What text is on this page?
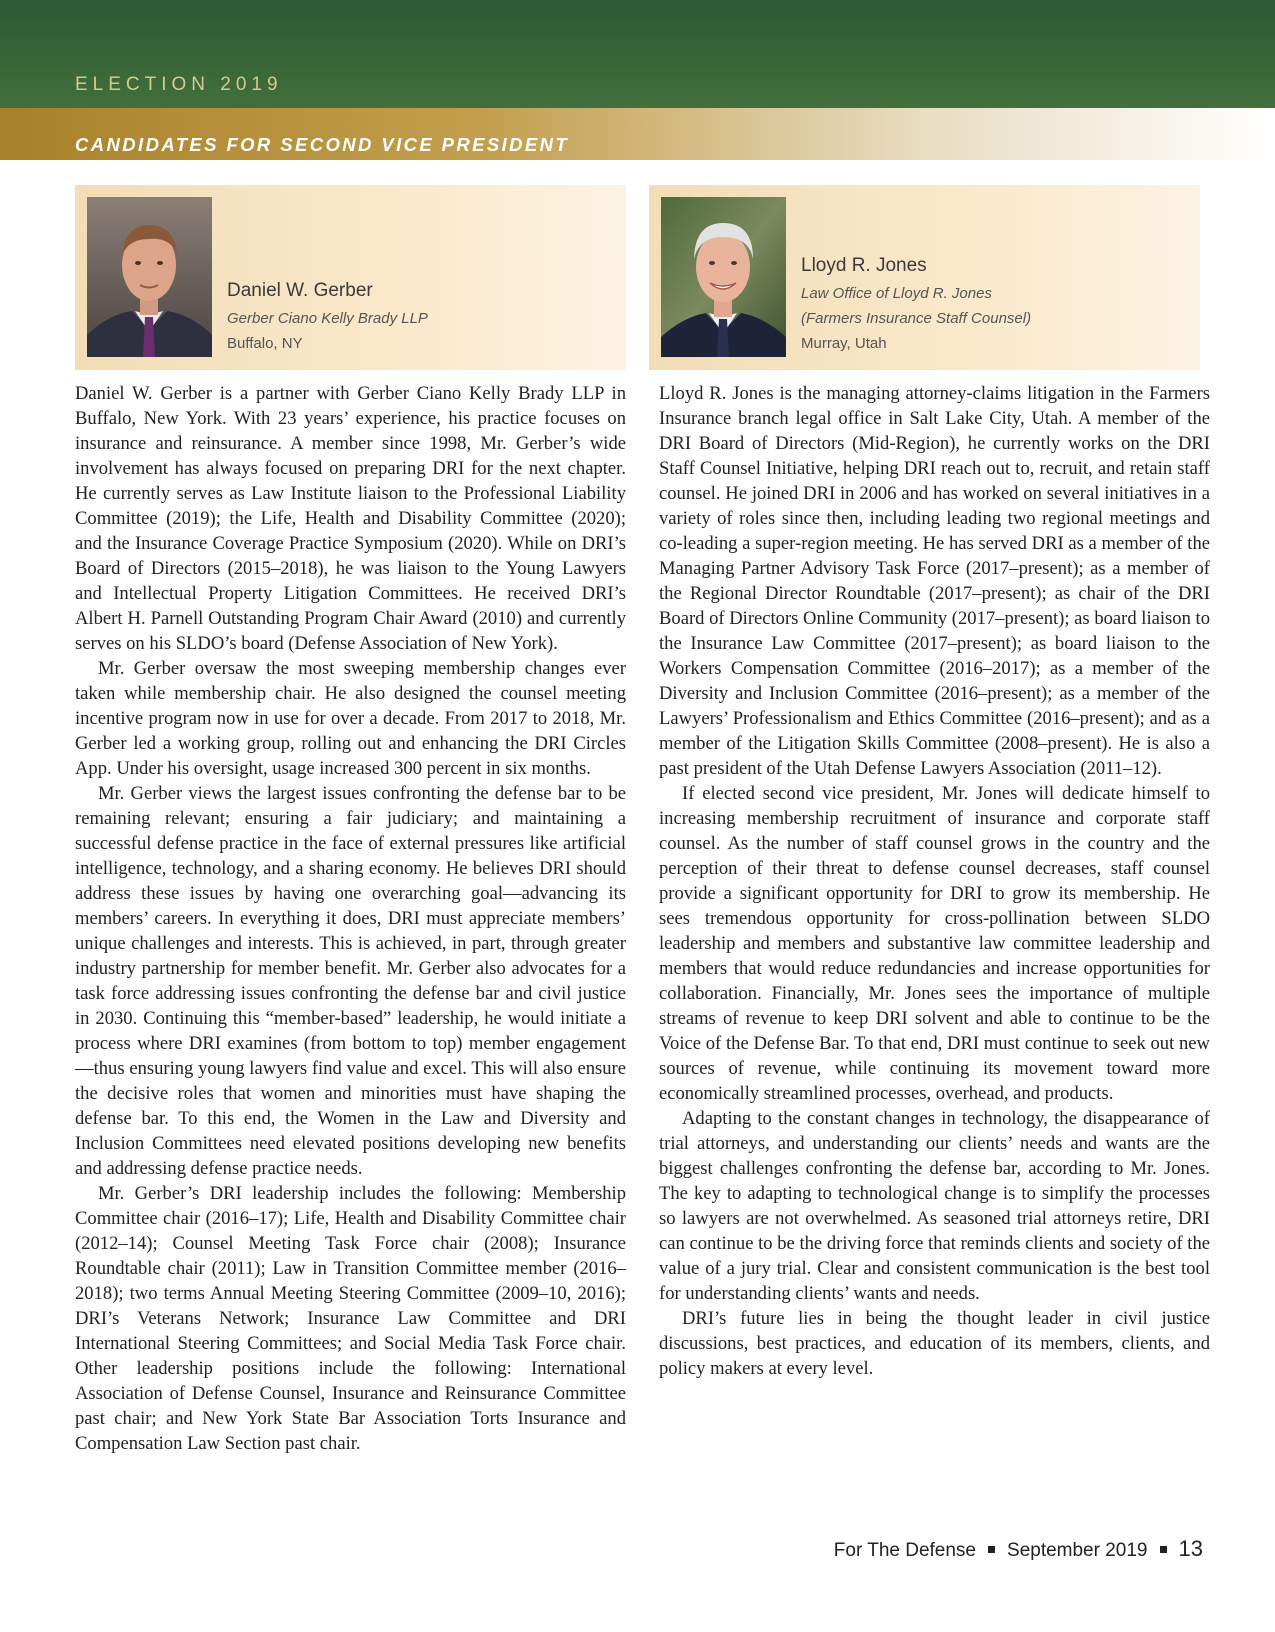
ELECTION 2019

CANDIDATES FOR SECOND VICE PRESIDENT

Daniel W. Gerber

Gerber Ciano Kelly Brady LLP

Buffalo, NY

Lloyd R. Jones

Law Office of Lloyd R. Jones

(Farmers Insurance Staff Counsel)

Murray, Utah

Daniel W. Gerber is a partner with Gerber Ciano Kelly Brady LLP in Buffalo, New York. With 23 years’ experience, his practice focuses on insurance and reinsurance. A member since 1998, Mr. Gerber’s wide involvement has always focused on preparing DRI for the next chapter. He currently serves as Law Institute liaison to the Professional Liability Committee (2019); the Life, Health and Disability Committee (2020); and the Insurance Coverage Practice Symposium (2020). While on DRI’s Board of Directors (2015–2018), he was liaison to the Young Lawyers and Intellectual Property Litigation Committees. He received DRI’s Albert H. Parnell Outstanding Program Chair Award (2010) and currently serves on his SLDO’s board (Defense Association of New York).

Mr. Gerber oversaw the most sweeping membership changes ever taken while membership chair. He also designed the counsel meeting incentive program now in use for over a decade. From 2017 to 2018, Mr. Gerber led a working group, rolling out and enhancing the DRI Circles App. Under his oversight, usage increased 300 percent in six months.

Mr. Gerber views the largest issues confronting the defense bar to be remaining relevant; ensuring a fair judiciary; and maintaining a successful defense practice in the face of external pressures like artificial intelligence, technology, and a sharing economy. He believes DRI should address these issues by having one overarching goal—advancing its members’ careers. In everything it does, DRI must appreciate members’ unique challenges and interests. This is achieved, in part, through greater industry partnership for member benefit. Mr. Gerber also advocates for a task force addressing issues confronting the defense bar and civil justice in 2030. Continuing this “member-based” leadership, he would initiate a process where DRI examines (from bottom to top) member engagement—thus ensuring young lawyers find value and excel. This will also ensure the decisive roles that women and minorities must have shaping the defense bar. To this end, the Women in the Law and Diversity and Inclusion Committees need elevated positions developing new benefits and addressing defense practice needs.

Mr. Gerber’s DRI leadership includes the following: Membership Committee chair (2016–17); Life, Health and Disability Committee chair (2012–14); Counsel Meeting Task Force chair (2008); Insurance Roundtable chair (2011); Law in Transition Committee member (2016–2018); two terms Annual Meeting Steering Committee (2009–10, 2016); DRI’s Veterans Network; Insurance Law Committee and DRI International Steering Committees; and Social Media Task Force chair. Other leadership positions include the following: International Association of Defense Counsel, Insurance and Reinsurance Committee past chair; and New York State Bar Association Torts Insurance and Compensation Law Section past chair.

Lloyd R. Jones is the managing attorney-claims litigation in the Farmers Insurance branch legal office in Salt Lake City, Utah. A member of the DRI Board of Directors (Mid-Region), he currently works on the DRI Staff Counsel Initiative, helping DRI reach out to, recruit, and retain staff counsel. He joined DRI in 2006 and has worked on several initiatives in a variety of roles since then, including leading two regional meetings and co-leading a super-region meeting. He has served DRI as a member of the Managing Partner Advisory Task Force (2017–present); as a member of the Regional Director Roundtable (2017–present); as chair of the DRI Board of Directors Online Community (2017–present); as board liaison to the Insurance Law Committee (2017–present); as board liaison to the Workers Compensation Committee (2016–2017); as a member of the Diversity and Inclusion Committee (2016–present); as a member of the Lawyers’ Professionalism and Ethics Committee (2016–present); and as a member of the Litigation Skills Committee (2008–present). He is also a past president of the Utah Defense Lawyers Association (2011–12).

If elected second vice president, Mr. Jones will dedicate himself to increasing membership recruitment of insurance and corporate staff counsel. As the number of staff counsel grows in the country and the perception of their threat to defense counsel decreases, staff counsel provide a significant opportunity for DRI to grow its membership. He sees tremendous opportunity for cross-pollination between SLDO leadership and members and substantive law committee leadership and members that would reduce redundancies and increase opportunities for collaboration. Financially, Mr. Jones sees the importance of multiple streams of revenue to keep DRI solvent and able to continue to be the Voice of the Defense Bar. To that end, DRI must continue to seek out new sources of revenue, while continuing its movement toward more economically streamlined processes, overhead, and products.

Adapting to the constant changes in technology, the disappearance of trial attorneys, and understanding our clients’ needs and wants are the biggest challenges confronting the defense bar, according to Mr. Jones. The key to adapting to technological change is to simplify the processes so lawyers are not overwhelmed. As seasoned trial attorneys retire, DRI can continue to be the driving force that reminds clients and society of the value of a jury trial. Clear and consistent communication is the best tool for understanding clients’ wants and needs.

DRI’s future lies in being the thought leader in civil justice discussions, best practices, and education of its members, clients, and policy makers at every level.

For The Defense September 2019 13
